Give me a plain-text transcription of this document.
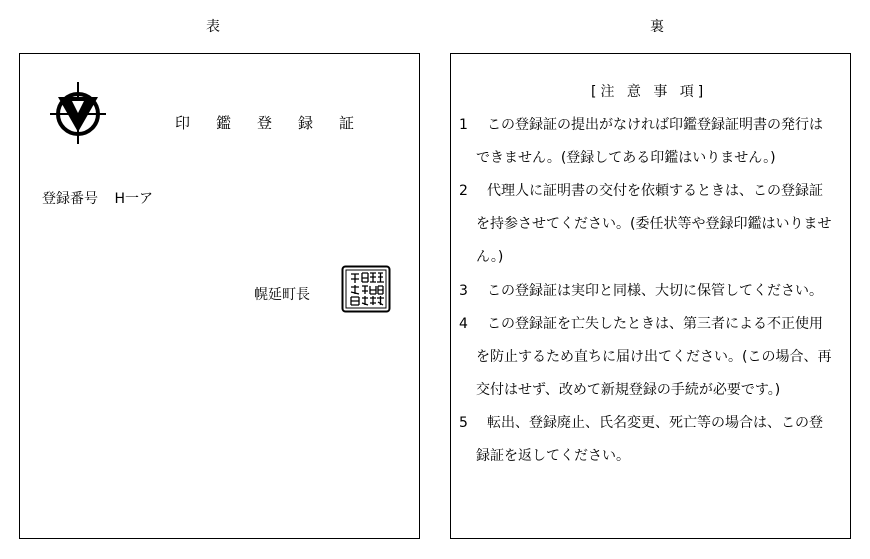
表	裏
印鑑登録証
登録番号 H一ア
幌延町長
[注 意 事 項]
1 この登録証の提出がなければ印鑑登録証明書の発行は
できません。(登録してある印鑑はいりません。)
2 代理人に証明書の交付を依頼するときは、この登録証
を持参させてください。(委任状等や登録印鑑はいりませ
ん。)
3 この登録証は実印と同様、大切に保管してください。
4 この登録証を亡失したときは、第三者による不正使用
を防止するため直ちに届け出てください。(この場合、再
交付はせず、改めて新規登録の手続が必要です。)
5 転出、登録廃止、氏名変更、死亡等の場合は、この登
録証を返してください。
